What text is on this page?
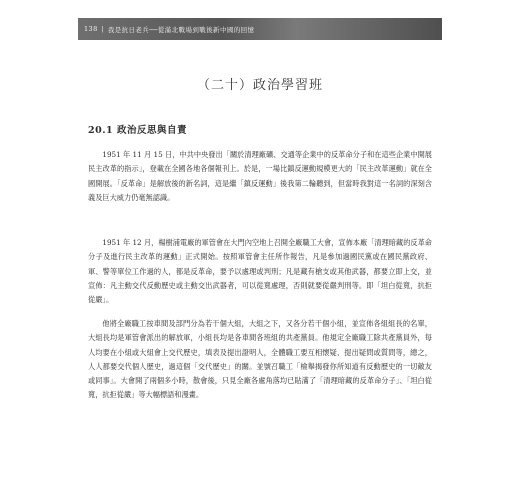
138 | 我是抗日老兵──從滿北戰場到戰後新中國的回憶
（二十）政治學習班
20.1 政治反思與自責

1951 年 11 月 15 日，中共中央發出「關於清理廠礦、交通等企業中的反革命分子和在這些企業中開展民主改革的指示」，登載在全國各地各個報刊上。於是，一場比鎮反運動規模更大的「民主改革運動」就在全國開展。「反革命」是解放後的新名詞，這是繼「鎮反運動」後我第二輪聽到，但當時我對這一名詞的深刻含義及巨大威力仍毫無認識。

1951 年 12 月，楊樹浦電廠的軍管會在大門內空地上召開全廠職工大會，宣佈本廠「清理暗藏的反革命分子及進行民主改革的運動」正式開始。按照軍管會主任所作報告，凡是參加過國民黨或在國民黨政府、軍、警等單位工作過的人，都是反革命，要予以處理或判刑；凡是藏有槍支或其他武器，都要立即上交，並宣佈：凡主動交代反動歷史或主動交出武器者，可以從寬處理，否則就要從嚴判刑等。即「坦白從寬，抗拒從嚴」。

他將全廠職工按車間及部門分為若干個大組，大組之下，又各分若干個小組，並宣佈各組組長的名單，大組長均是軍管會派出的解放軍，小組長均是各車間各班組的共產黨員。他規定全廠職工除共產黨員外，每人均要在小組或大組會上交代歷史，填表及提出證明人，全體職工要互相懷疑、提出疑問或質問等，總之，人人都要交代個人歷史，過這個「交代歷史」的關。並號召職工「檢舉揭發你所知道有反動歷史的一切敵友或同事」。大會開了兩個多小時，散會後，只見全廠各處角落均已貼滿了「清理暗藏的反革命分子」、「坦白從寬，抗拒從嚴」等大幅標語和漫畫。
